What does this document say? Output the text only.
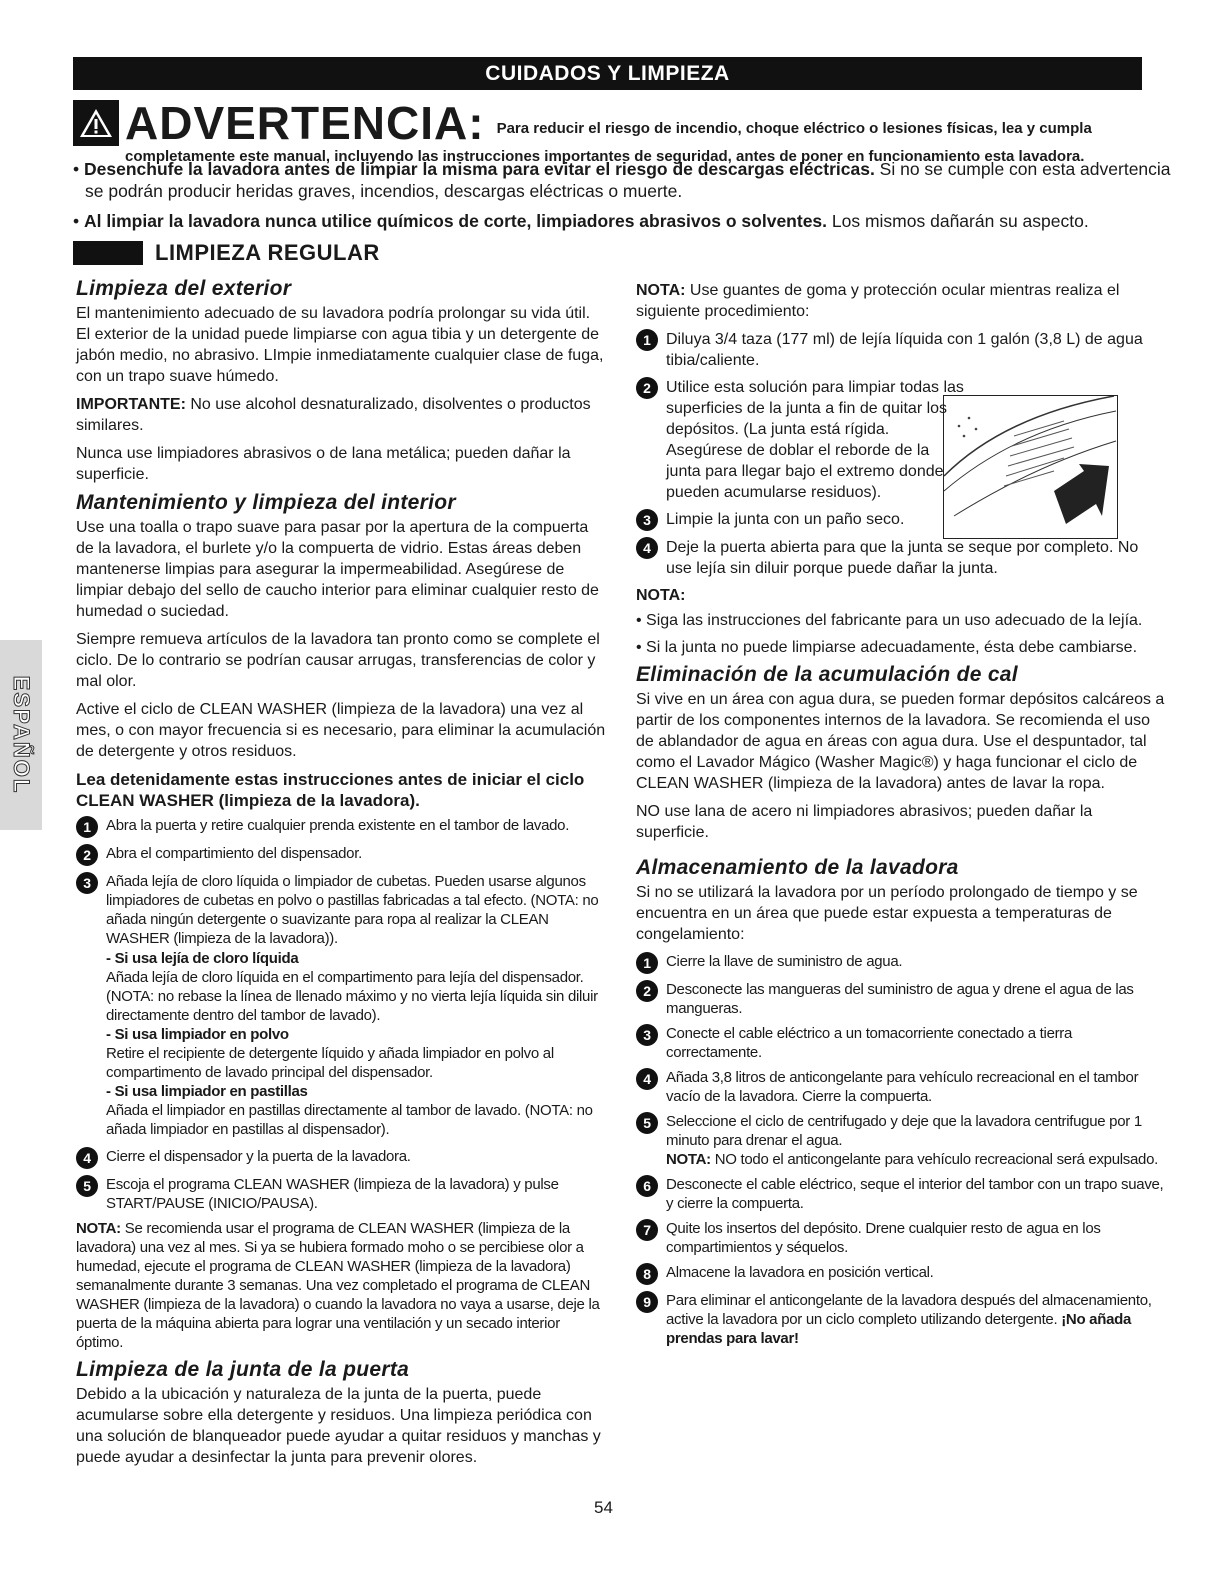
CUIDADOS Y LIMPIEZA
ADVERTENCIA: Para reducir el riesgo de incendio, choque eléctrico o lesiones físicas, lea y cumpla
completamente este manual, incluyendo las instrucciones importantes de seguridad, antes de poner en funcionamiento esta lavadora.

• Desenchufe la lavadora antes de limpiar la misma para evitar el riesgo de descargas eléctricas. Si no se cumple con esta advertencia se podrán producir heridas graves, incendios, descargas eléctricas o muerte.

• Al limpiar la lavadora nunca utilice químicos de corte, limpiadores abrasivos o solventes. Los mismos dañarán su aspecto.

LIMPIEZA REGULAR
ESPAÑOL
Limpieza del exterior

El mantenimiento adecuado de su lavadora podría prolongar su vida útil. El exterior de la unidad puede limpiarse con agua tibia y un detergente de jabón medio, no abrasivo. LImpie inmediatamente cualquier clase de fuga, con un trapo suave húmedo.

IMPORTANTE: No use alcohol desnaturalizado, disolventes o productos similares.

Nunca use limpiadores abrasivos o de lana metálica; pueden dañar la superficie.

Mantenimiento y limpieza del interior

Use una toalla o trapo suave para pasar por la apertura de la compuerta de la lavadora, el burlete y/o la compuerta de vidrio. Estas áreas deben mantenerse limpias para asegurar la impermeabilidad. Asegúrese de limpiar debajo del sello de caucho interior para eliminar cualquier resto de humedad o suciedad.

Siempre remueva artículos de la lavadora tan pronto como se complete el ciclo. De lo contrario se podrían causar arrugas, transferencias de color y mal olor.

Active el ciclo de CLEAN WASHER (limpieza de la lavadora) una vez al mes, o con mayor frecuencia si es necesario, para eliminar la acumulación de detergente y otros residuos.

Lea detenidamente estas instrucciones antes de iniciar el ciclo CLEAN WASHER (limpieza de la lavadora).
1	Abra la puerta y retire cualquier prenda existente en el tambor de lavado.
2	Abra el compartimiento del dispensador.
3	Añada lejía de cloro líquida o limpiador de cubetas. Pueden usarse algunos limpiadores de cubetas en polvo o pastillas fabricadas a tal efecto. (NOTA: no añada ningún detergente o suavizante para ropa al realizar la CLEAN WASHER (limpieza de la lavadora)).
- Si usa lejía de cloro líquida
Añada lejía de cloro líquida en el compartimento para lejía del dispensador. (NOTA: no rebase la línea de llenado máximo y no vierta lejía líquida sin diluir directamente dentro del tambor de lavado).
- Si usa limpiador en polvo
Retire el recipiente de detergente líquido y añada limpiador en polvo al compartimento de lavado principal del dispensador.
- Si usa limpiador en pastillas
Añada el limpiador en pastillas directamente al tambor de lavado. (NOTA: no añada limpiador en pastillas al dispensador).
4	Cierre el dispensador y la puerta de la lavadora.
5	Escoja el programa CLEAN WASHER (limpieza de la lavadora) y pulse START/PAUSE (INICIO/PAUSA).

NOTA: Se recomienda usar el programa de CLEAN WASHER (limpieza de la lavadora) una vez al mes. Si ya se hubiera formado moho o se percibiese olor a humedad, ejecute el programa de CLEAN WASHER (limpieza de la lavadora) semanalmente durante 3 semanas. Una vez completado el programa de CLEAN WASHER (limpieza de la lavadora) o cuando la lavadora no vaya a usarse, deje la puerta de la máquina abierta para lograr una ventilación y un secado interior óptimo.

Limpieza de la junta de la puerta

Debido a la ubicación y naturaleza de la junta de la puerta, puede acumularse sobre ella detergente y residuos. Una limpieza periódica con una solución de blanqueador puede ayudar a quitar residuos y manchas y puede ayudar a desinfectar la junta para prevenir olores.

54

NOTA: Use guantes de goma y protección ocular mientras realiza el siguiente procedimiento:

1 Diluya 3/4 taza (177 ml) de lejía líquida con 1 galón (3,8 L) de agua tibia/caliente.
2 Utilice esta solución para limpiar todas las superficies de la junta a fin de quitar los depósitos. (La junta está rígida. Asegúrese de doblar el reborde de la junta para llegar bajo el extremo donde pueden acumularse residuos).
3 Limpie la junta con un paño seco.
4 Deje la puerta abierta para que la junta se seque por completo. No use lejía sin diluir porque puede dañar la junta.

NOTA:

• Siga las instrucciones del fabricante para un uso adecuado de la lejía.

• Si la junta no puede limpiarse adecuadamente, ésta debe cambiarse.

Eliminación de la acumulación de cal

Si vive en un área con agua dura, se pueden formar depósitos calcáreos a partir de los componentes internos de la lavadora. Se recomienda el uso de ablandador de agua en áreas con agua dura. Use el despuntador, tal como el Lavador Mágico (Washer Magic®) y haga funcionar el ciclo de CLEAN WASHER (limpieza de la lavadora) antes de lavar la ropa.

NO use lana de acero ni limpiadores abrasivos; pueden dañar la superficie.

Almacenamiento de la lavadora

Si no se utilizará la lavadora por un período prolongado de tiempo y se encuentra en un área que puede estar expuesta a temperaturas de congelamiento:

1	Cierre la llave de suministro de agua.
2	Desconecte las mangueras del suministro de agua y drene el agua de las mangueras.
3	Conecte el cable eléctrico a un tomacorriente conectado a tierra correctamente.
4	Añada 3,8 litros de anticongelante para vehículo recreacional en el tambor vacío de la lavadora. Cierre la compuerta.
5	Seleccione el ciclo de centrifugado y deje que la lavadora centrifugue por 1 minuto para drenar el agua.
NOTA: NO todo el anticongelante para vehículo recreacional será expulsado.
6	Desconecte el cable eléctrico, seque el interior del tambor con un trapo suave, y cierre la compuerta.
7	Quite los insertos del depósito. Drene cualquier resto de agua en los compartimientos y séquelos.
8	Almacene la lavadora en posición vertical.
9	Para eliminar el anticongelante de la lavadora después del almacenamiento, active la lavadora por un ciclo completo utilizando detergente. ¡No añada prendas para lavar!
